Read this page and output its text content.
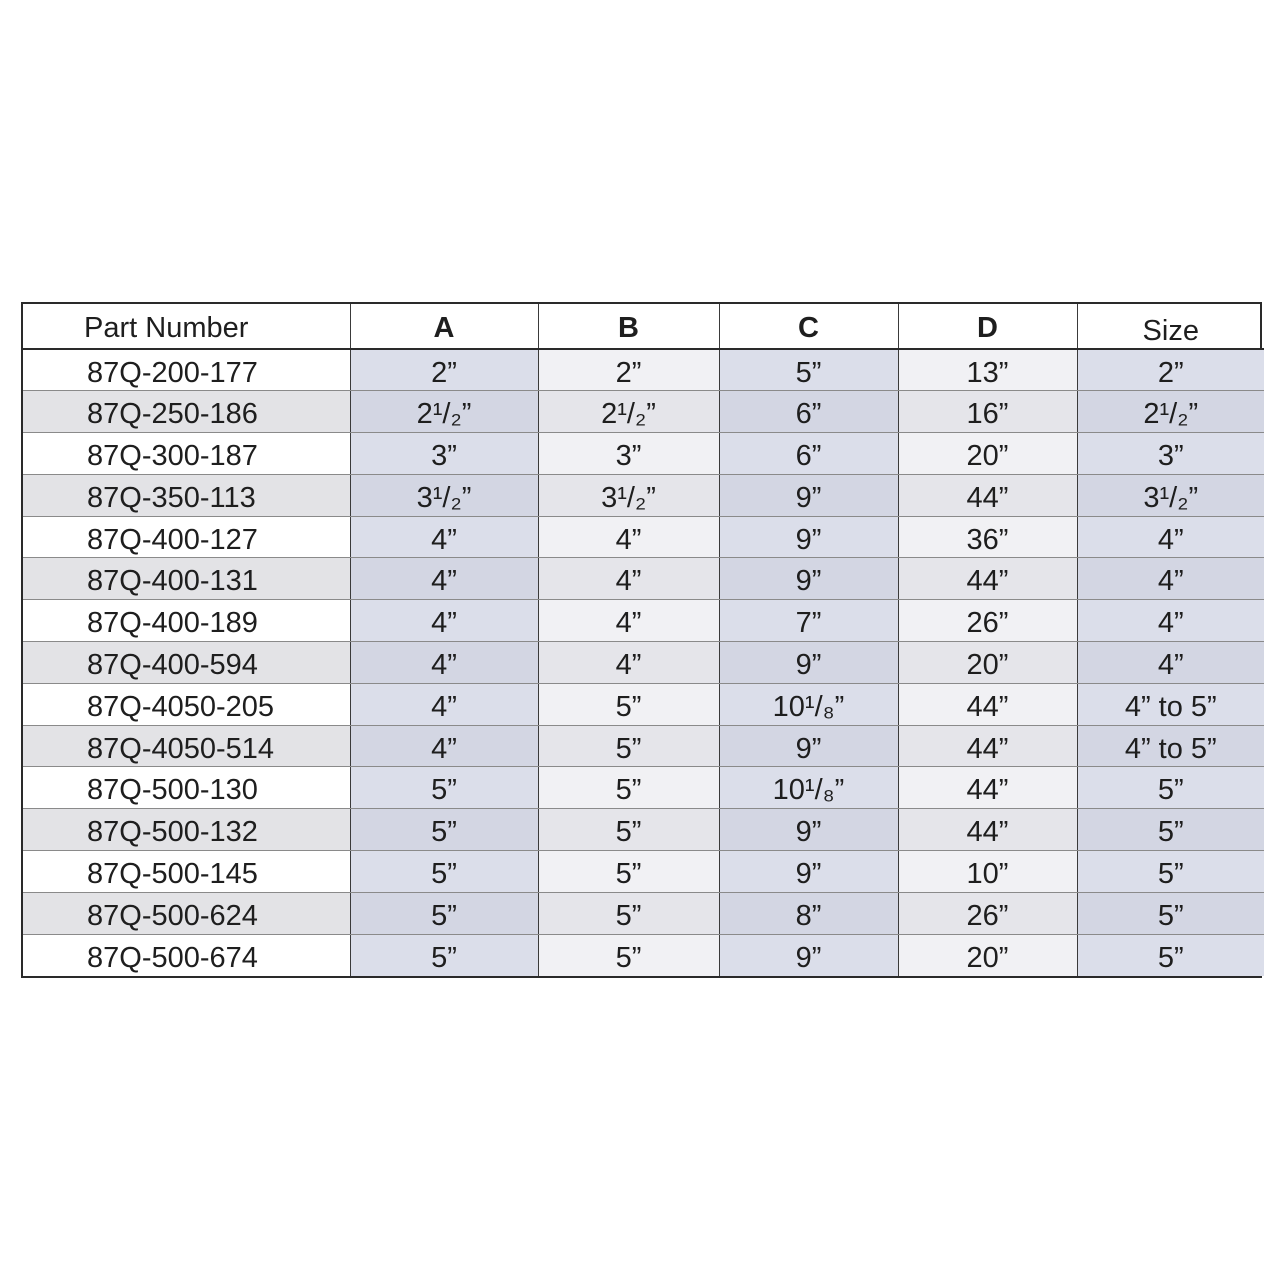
Part Number	A	B	C	D	Size
87Q-200-177	2”	2”	5”	13”	2”
87Q-250-186	2¹/₂”	2¹/₂”	6”	16”	2¹/₂”
87Q-300-187	3”	3”	6”	20”	3”
87Q-350-113	3¹/₂”	3¹/₂”	9”	44”	3¹/₂”
87Q-400-127	4”	4”	9”	36”	4”
87Q-400-131	4”	4”	9”	44”	4”
87Q-400-189	4”	4”	7”	26”	4”
87Q-400-594	4”	4”	9”	20”	4”
87Q-4050-205	4”	5”	10¹/₈”	44”	4” to 5”
87Q-4050-514	4”	5”	9”	44”	4” to 5”
87Q-500-130	5”	5”	10¹/₈”	44”	5”
87Q-500-132	5”	5”	9”	44”	5”
87Q-500-145	5”	5”	9”	10”	5”
87Q-500-624	5”	5”	8”	26”	5”
87Q-500-674	5”	5”	9”	20”	5”
